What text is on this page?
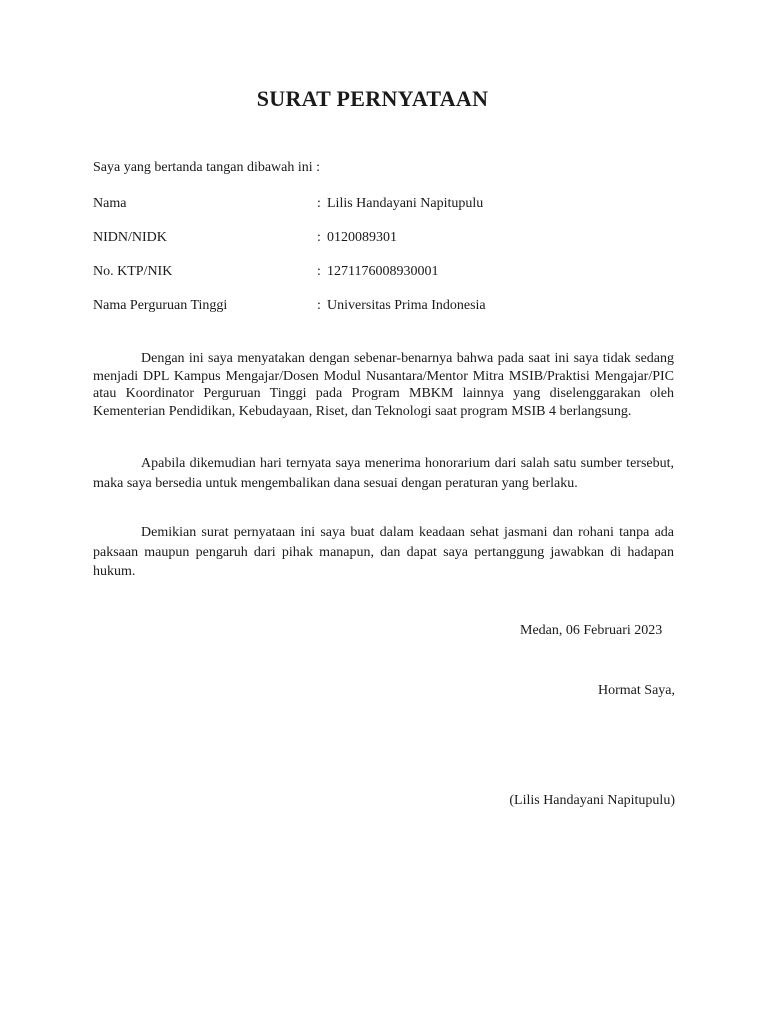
SURAT PERNYATAAN
Saya yang bertanda tangan dibawah ini :
Nama	: Lilis Handayani Napitupulu
NIDN/NIDK	: 0120089301
No. KTP/NIK	: 1271176008930001
Nama Perguruan Tinggi	: Universitas Prima Indonesia

Dengan ini saya menyatakan dengan sebenar-benarnya bahwa pada saat ini saya tidak sedang menjadi DPL Kampus Mengajar/Dosen Modul Nusantara/Mentor Mitra MSIB/Praktisi Mengajar/PIC atau Koordinator Perguruan Tinggi pada Program MBKM lainnya yang diselenggarakan oleh Kementerian Pendidikan, Kebudayaan, Riset, dan Teknologi saat program MSIB 4 berlangsung.

Apabila dikemudian hari ternyata saya menerima honorarium dari salah satu sumber tersebut, maka saya bersedia untuk mengembalikan dana sesuai dengan peraturan yang berlaku.

Demikian surat pernyataan ini saya buat dalam keadaan sehat jasmani dan rohani tanpa ada paksaan maupun pengaruh dari pihak manapun, dan dapat saya pertanggung jawabkan di hadapan hukum.

Medan, 06 Februari 2023
Hormat Saya,
(Lilis Handayani Napitupulu)
